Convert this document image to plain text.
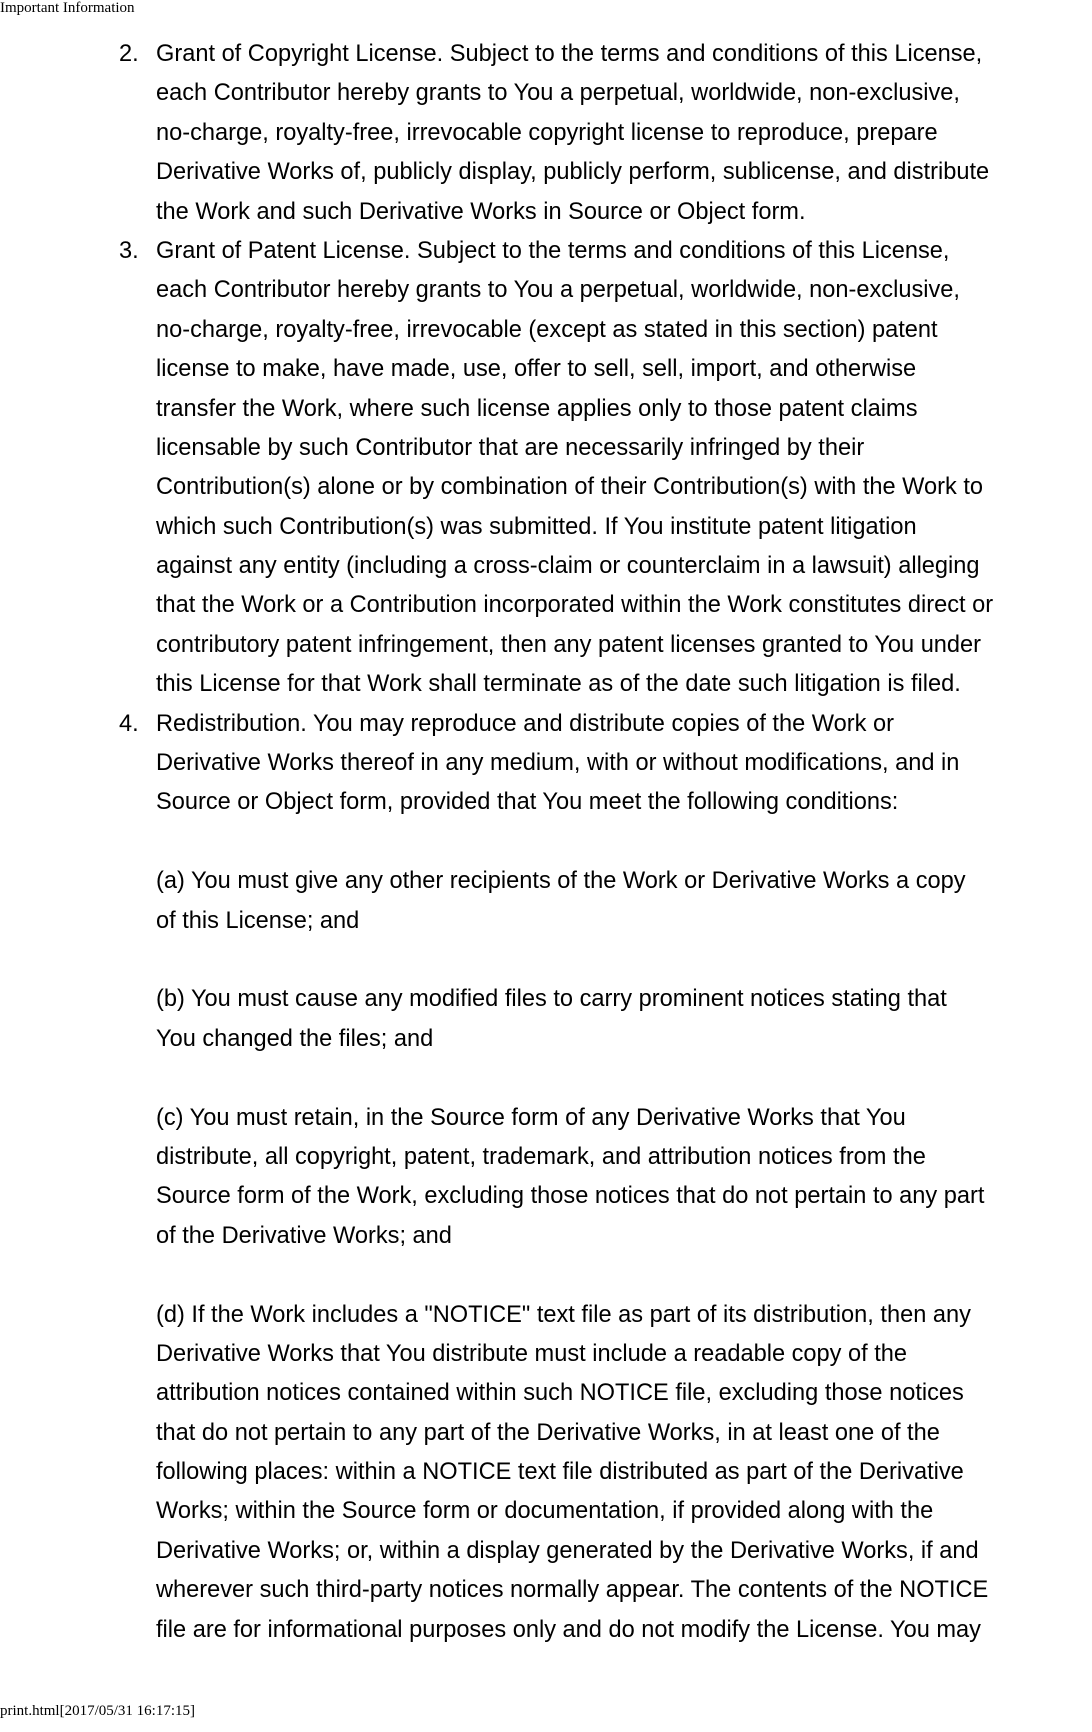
Important Information
2. Grant of Copyright License. Subject to the terms and conditions of this License,
each Contributor hereby grants to You a perpetual, worldwide, non-exclusive,
no-charge, royalty-free, irrevocable copyright license to reproduce, prepare
Derivative Works of, publicly display, publicly perform, sublicense, and distribute
the Work and such Derivative Works in Source or Object form.
3. Grant of Patent License. Subject to the terms and conditions of this License,
each Contributor hereby grants to You a perpetual, worldwide, non-exclusive,
no-charge, royalty-free, irrevocable (except as stated in this section) patent
license to make, have made, use, offer to sell, sell, import, and otherwise
transfer the Work, where such license applies only to those patent claims
licensable by such Contributor that are necessarily infringed by their
Contribution(s) alone or by combination of their Contribution(s) with the Work to
which such Contribution(s) was submitted. If You institute patent litigation
against any entity (including a cross-claim or counterclaim in a lawsuit) alleging
that the Work or a Contribution incorporated within the Work constitutes direct or
contributory patent infringement, then any patent licenses granted to You under
this License for that Work shall terminate as of the date such litigation is filed.
4. Redistribution. You may reproduce and distribute copies of the Work or
Derivative Works thereof in any medium, with or without modifications, and in
Source or Object form, provided that You meet the following conditions:
(a) You must give any other recipients of the Work or Derivative Works a copy
of this License; and
(b) You must cause any modified files to carry prominent notices stating that
You changed the files; and
(c) You must retain, in the Source form of any Derivative Works that You
distribute, all copyright, patent, trademark, and attribution notices from the
Source form of the Work, excluding those notices that do not pertain to any part
of the Derivative Works; and
(d) If the Work includes a "NOTICE" text file as part of its distribution, then any
Derivative Works that You distribute must include a readable copy of the
attribution notices contained within such NOTICE file, excluding those notices
that do not pertain to any part of the Derivative Works, in at least one of the
following places: within a NOTICE text file distributed as part of the Derivative
Works; within the Source form or documentation, if provided along with the
Derivative Works; or, within a display generated by the Derivative Works, if and
wherever such third-party notices normally appear. The contents of the NOTICE
file are for informational purposes only and do not modify the License. You may
print.html[2017/05/31 16:17:15]
